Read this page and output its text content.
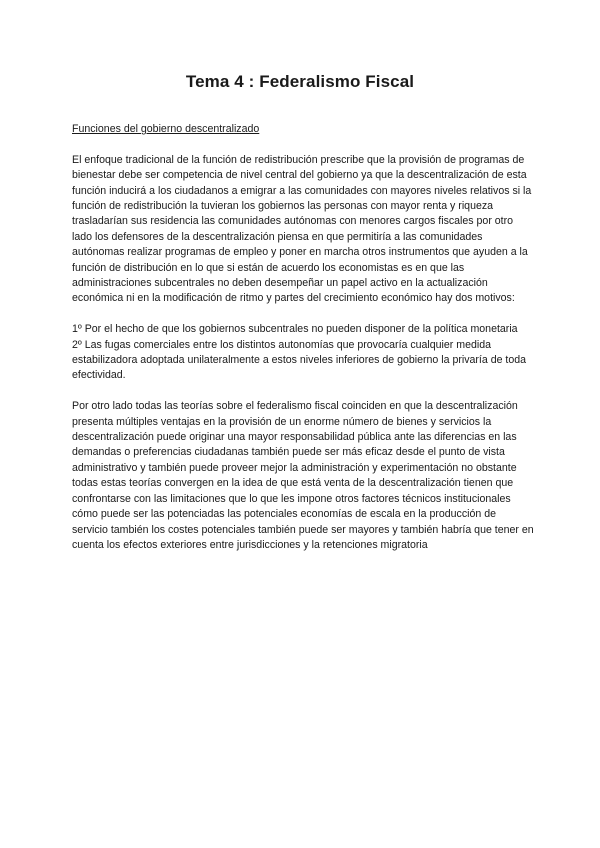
Tema 4 : Federalismo Fiscal

Funciones del gobierno descentralizado

El enfoque tradicional de la función de redistribución prescribe que la provisión de programas de bienestar debe ser competencia de nivel central del gobierno ya que la descentralización de esta función inducirá a los ciudadanos a emigrar a las comunidades con mayores niveles relativos si la función de redistribución la tuvieran los gobiernos las personas con mayor renta y riqueza trasladarían sus residencia las comunidades autónomas con menores cargos fiscales por otro lado los defensores de la descentralización piensa en que permitiría a las comunidades autónomas realizar programas de empleo y poner en marcha otros instrumentos que ayuden a la función de distribución en lo que si están de acuerdo los economistas es en que las administraciones subcentrales no deben desempeñar un papel activo en la actualización económica ni en la modificación de ritmo y partes del crecimiento económico hay dos motivos:

1º Por el hecho de que los gobiernos subcentrales no pueden disponer de la política monetaria

2º Las fugas comerciales entre los distintos autonomías que provocaría cualquier medida estabilizadora adoptada unilateralmente a estos niveles inferiores de gobierno la privaría de toda efectividad.

Por otro lado todas las teorías sobre el federalismo fiscal coinciden en que la descentralización presenta múltiples ventajas en la provisión de un enorme número de bienes y servicios la descentralización puede originar una mayor responsabilidad pública ante las diferencias en las demandas o preferencias ciudadanas también puede ser más eficaz desde el punto de vista administrativo y también puede proveer mejor la administración y experimentación no obstante todas estas teorías convergen en la idea de que está venta de la descentralización tienen que confrontarse con las limitaciones que lo que les impone otros factores técnicos institucionales cómo puede ser las potenciadas las potenciales economías de escala en la producción de servicio también los costes potenciales también puede ser mayores y también habría que tener en cuenta los efectos exteriores entre jurisdicciones y la retenciones migratoria
